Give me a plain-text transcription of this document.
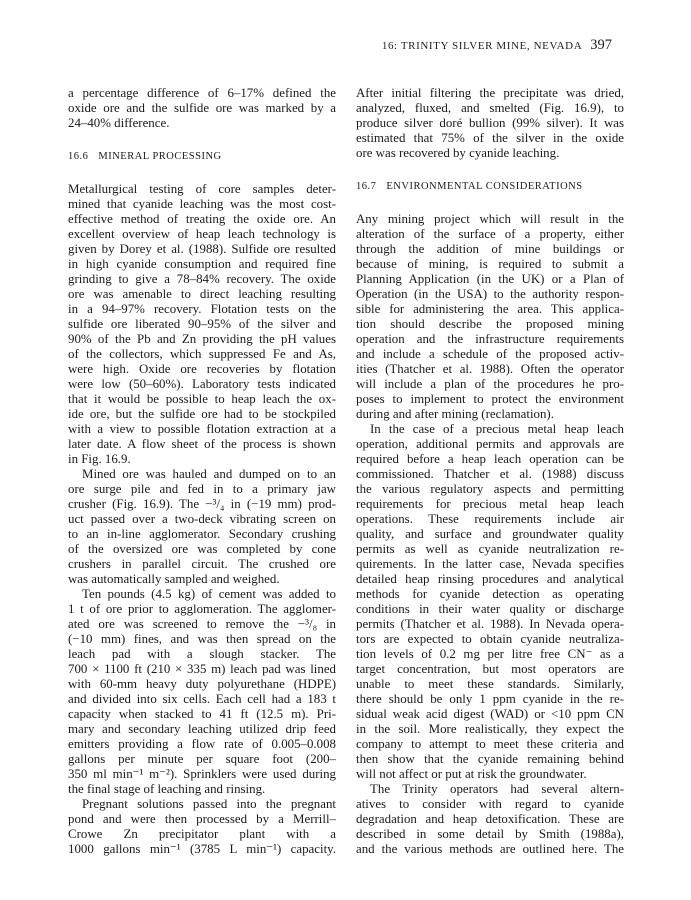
16: TRINITY SILVER MINE, NEVADA 397
a percentage difference of 6–17% defined the
oxide ore and the sulfide ore was marked by a
24–40% difference.
16.6 MINERAL PROCESSING
Metallurgical testing of core samples deter-
mined that cyanide leaching was the most cost-
effective method of treating the oxide ore. An
excellent overview of heap leach technology is
given by Dorey et al. (1988). Sulfide ore resulted
in high cyanide consumption and required fine
grinding to give a 78–84% recovery. The oxide
ore was amenable to direct leaching resulting
in a 94–97% recovery. Flotation tests on the
sulfide ore liberated 90–95% of the silver and
90% of the Pb and Zn providing the pH values
of the collectors, which suppressed Fe and As,
were high. Oxide ore recoveries by flotation
were low (50–60%). Laboratory tests indicated
that it would be possible to heap leach the ox-
ide ore, but the sulfide ore had to be stockpiled
with a view to possible flotation extraction at a
later date. A flow sheet of the process is shown
in Fig. 16.9.
Mined ore was hauled and dumped on to an
ore surge pile and fed in to a primary jaw
crusher (Fig. 16.9). The −³/₄ in (−19 mm) prod-
uct passed over a two-deck vibrating screen on
to an in-line agglomerator. Secondary crushing
of the oversized ore was completed by cone
crushers in parallel circuit. The crushed ore
was automatically sampled and weighed.
Ten pounds (4.5 kg) of cement was added to
1 t of ore prior to agglomeration. The agglomer-
ated ore was screened to remove the −³/₈ in
(−10 mm) fines, and was then spread on the
leach pad with a slough stacker. The
700 × 1100 ft (210 × 335 m) leach pad was lined
with 60-mm heavy duty polyurethane (HDPE)
and divided into six cells. Each cell had a 183 t
capacity when stacked to 41 ft (12.5 m). Pri-
mary and secondary leaching utilized drip feed
emitters providing a flow rate of 0.005–0.008
gallons per minute per square foot (200–
350 ml min⁻¹ m⁻²). Sprinklers were used during
the final stage of leaching and rinsing.
Pregnant solutions passed into the pregnant
pond and were then processed by a Merrill–
Crowe Zn precipitator plant with a
1000 gallons min⁻¹ (3785 L min⁻¹) capacity.
After initial filtering the precipitate was dried,
analyzed, fluxed, and smelted (Fig. 16.9), to
produce silver doré bullion (99% silver). It was
estimated that 75% of the silver in the oxide
ore was recovered by cyanide leaching.
16.7 ENVIRONMENTAL CONSIDERATIONS
Any mining project which will result in the
alteration of the surface of a property, either
through the addition of mine buildings or
because of mining, is required to submit a
Planning Application (in the UK) or a Plan of
Operation (in the USA) to the authority respon-
sible for administering the area. This applica-
tion should describe the proposed mining
operation and the infrastructure requirements
and include a schedule of the proposed activ-
ities (Thatcher et al. 1988). Often the operator
will include a plan of the procedures he pro-
poses to implement to protect the environment
during and after mining (reclamation).
In the case of a precious metal heap leach
operation, additional permits and approvals are
required before a heap leach operation can be
commissioned. Thatcher et al. (1988) discuss
the various regulatory aspects and permitting
requirements for precious metal heap leach
operations. These requirements include air
quality, and surface and groundwater quality
permits as well as cyanide neutralization re-
quirements. In the latter case, Nevada specifies
detailed heap rinsing procedures and analytical
methods for cyanide detection as operating
conditions in their water quality or discharge
permits (Thatcher et al. 1988). In Nevada opera-
tors are expected to obtain cyanide neutraliza-
tion levels of 0.2 mg per litre free CN⁻ as a
target concentration, but most operators are
unable to meet these standards. Similarly,
there should be only 1 ppm cyanide in the re-
sidual weak acid digest (WAD) or <10 ppm CN
in the soil. More realistically, they expect the
company to attempt to meet these criteria and
then show that the cyanide remaining behind
will not affect or put at risk the groundwater.
The Trinity operators had several altern-
atives to consider with regard to cyanide
degradation and heap detoxification. These are
described in some detail by Smith (1988a),
and the various methods are outlined here. The
